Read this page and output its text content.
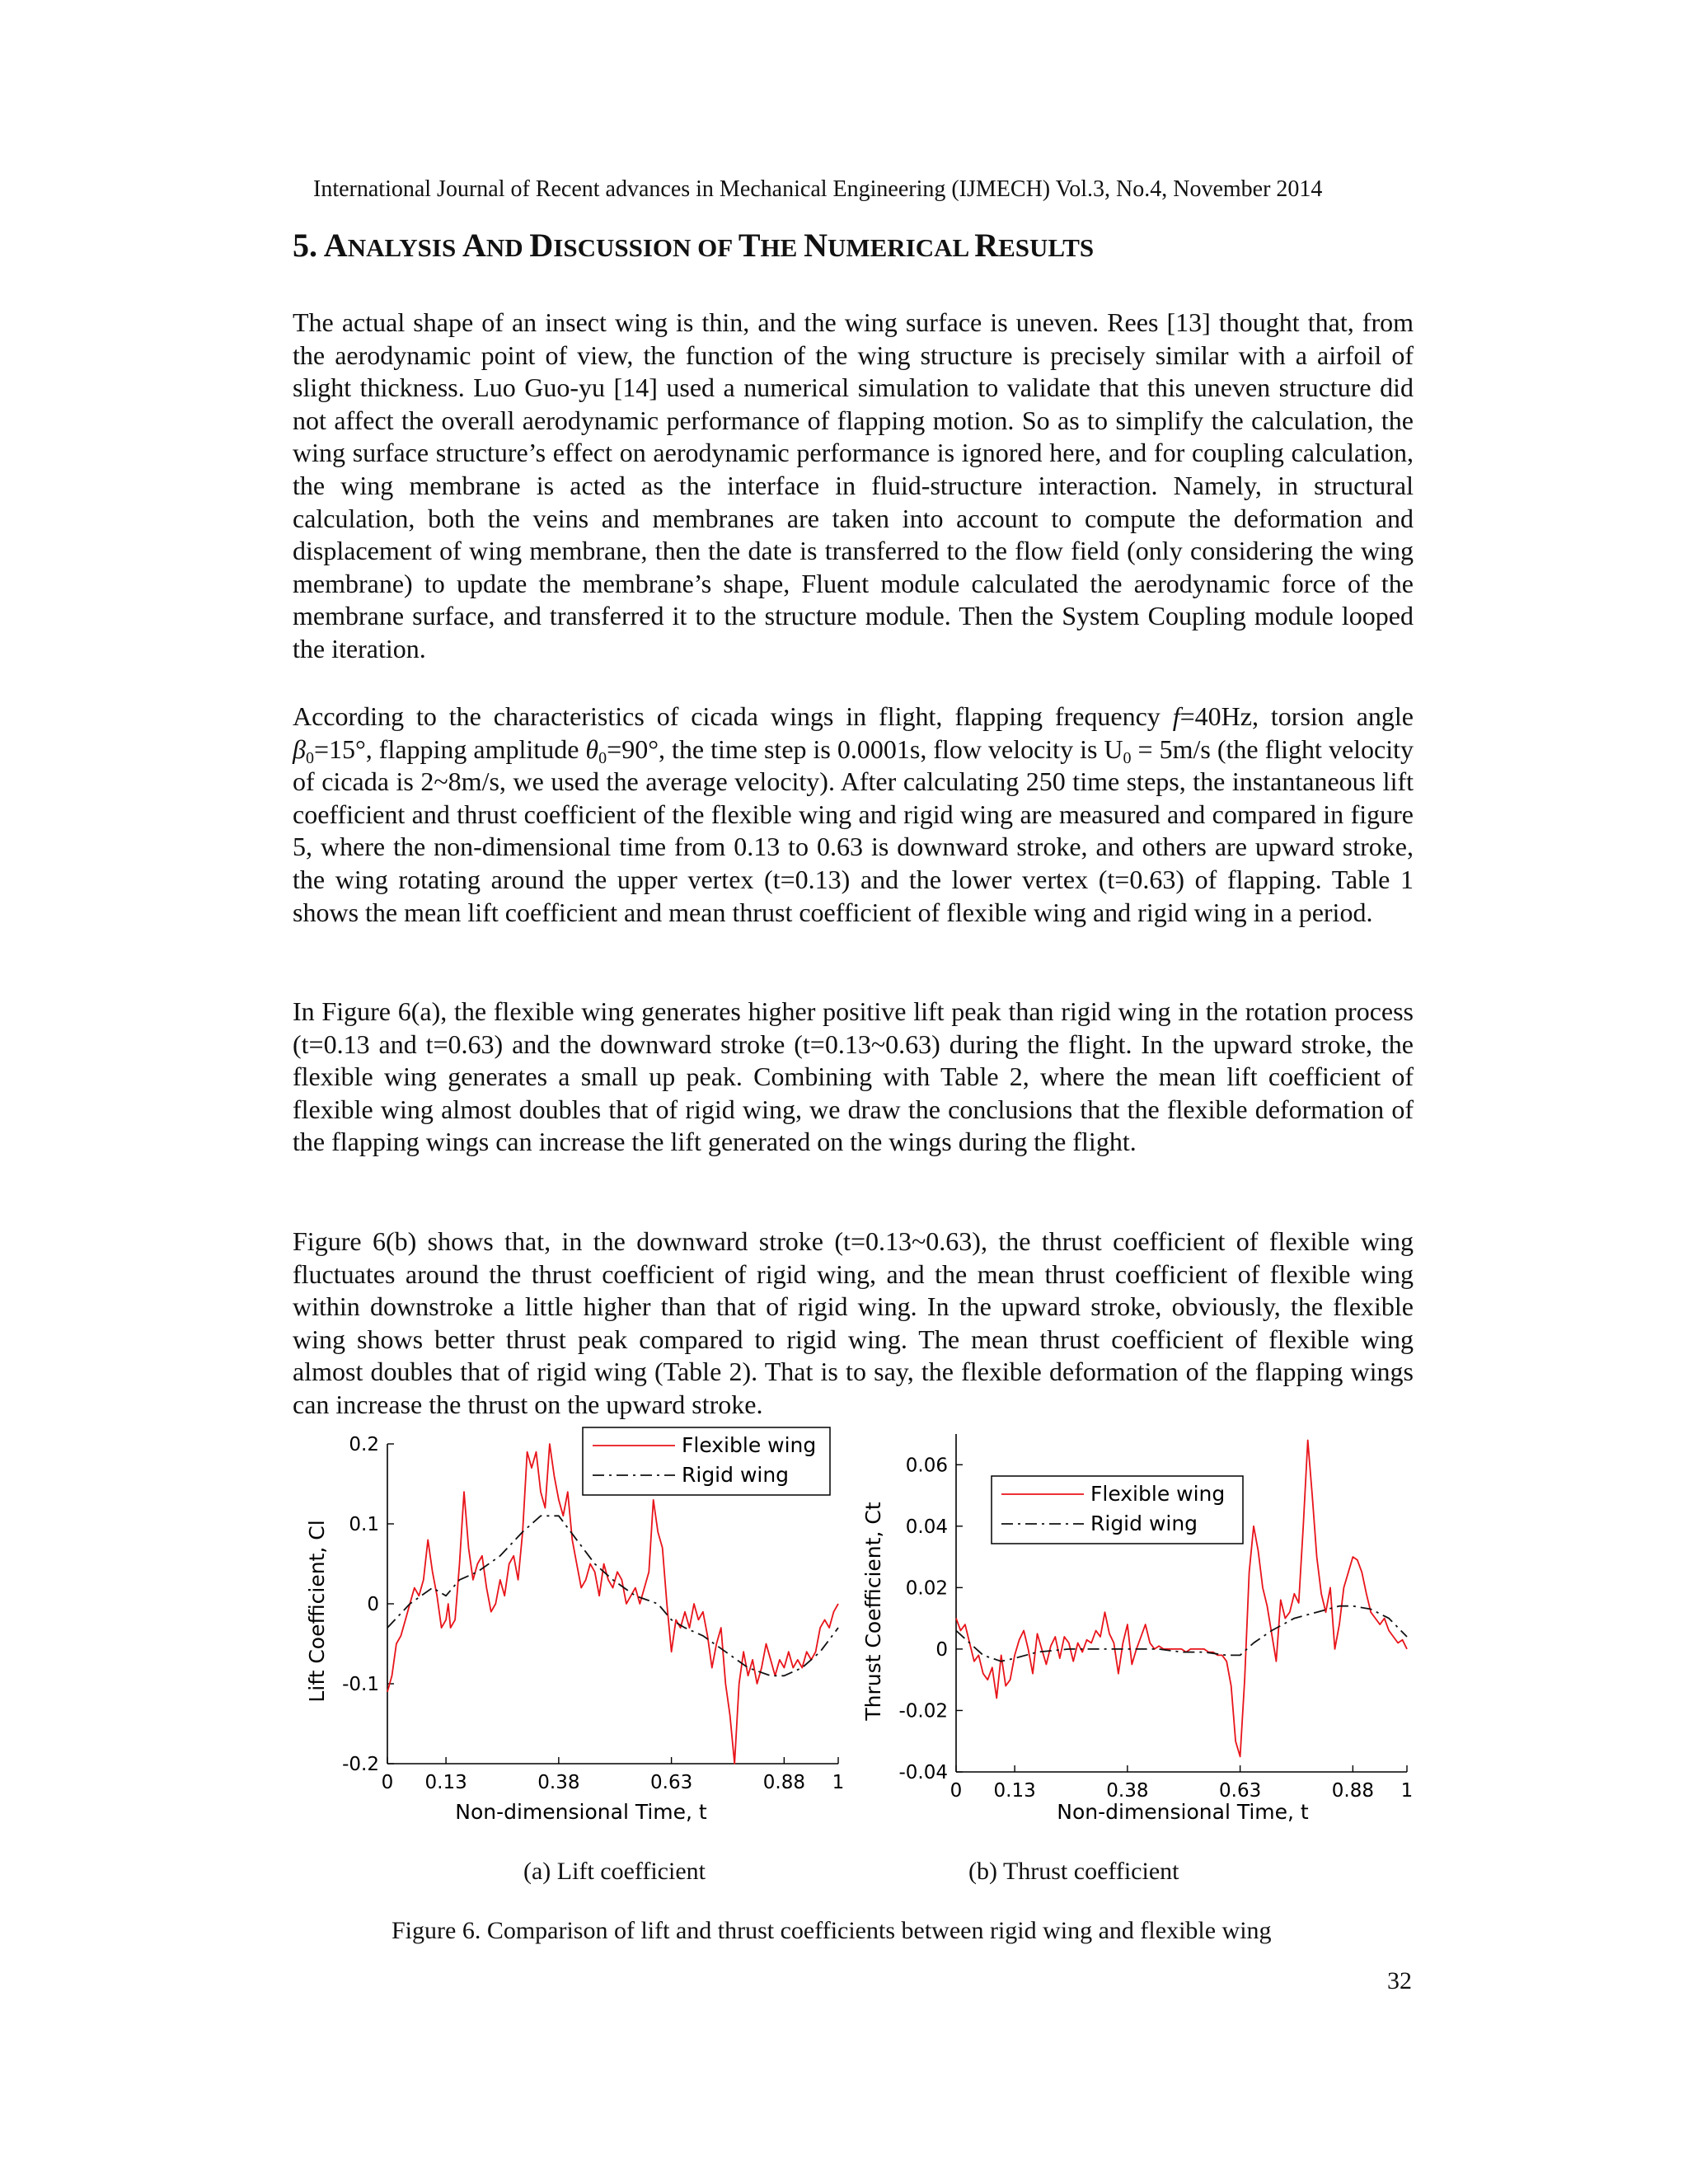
International Journal of Recent advances in Mechanical Engineering (IJMECH) Vol.3, No.4, November 2014
5. ANALYSIS AND DISCUSSION OF THE NUMERICAL RESULTS
The actual shape of an insect wing is thin, and the wing surface is uneven. Rees [13] thought that, from the aerodynamic point of view, the function of the wing structure is precisely similar with a airfoil of slight thickness. Luo Guo-yu [14] used a numerical simulation to validate that this uneven structure did not affect the overall aerodynamic performance of flapping motion. So as to simplify the calculation, the wing surface structure’s effect on aerodynamic performance is ignored here, and for coupling calculation, the wing membrane is acted as the interface in fluid-structure interaction. Namely, in structural calculation, both the veins and membranes are taken into account to compute the deformation and displacement of wing membrane, then the date is transferred to the flow field (only considering the wing membrane) to update the membrane’s shape, Fluent module calculated the aerodynamic force of the membrane surface, and transferred it to the structure module. Then the System Coupling module looped the iteration.
According to the characteristics of cicada wings in flight, flapping frequency f=40Hz, torsion angle $\beta_0=15^\circ$, flapping amplitude $\theta_0=90^\circ$, the time step is 0.0001s, flow velocity is $U_0 = 5m/s$ (the flight velocity of cicada is 2~8m/s, we used the average velocity). After calculating 250 time steps, the instantaneous lift coefficient and thrust coefficient of the flexible wing and rigid wing are measured and compared in figure 5, where the non-dimensional time from 0.13 to 0.63 is downward stroke, and others are upward stroke, the wing rotating around the upper vertex (t=0.13) and the lower vertex (t=0.63) of flapping. Table 1 shows the mean lift coefficient and mean thrust coefficient of flexible wing and rigid wing in a period.
In Figure 6(a), the flexible wing generates higher positive lift peak than rigid wing in the rotation process (t=0.13 and t=0.63) and the downward stroke (t=0.13~0.63) during the flight. In the upward stroke, the flexible wing generates a small up peak. Combining with Table 2, where the mean lift coefficient of flexible wing almost doubles that of rigid wing, we draw the conclusions that the flexible deformation of the flapping wings can increase the lift generated on the wings during the flight.
Figure 6(b) shows that, in the downward stroke (t=0.13~0.63), the thrust coefficient of flexible wing fluctuates around the thrust coefficient of rigid wing, and the mean thrust coefficient of flexible wing within downstroke a little higher than that of rigid wing. In the upward stroke, obviously, the flexible wing shows better thrust peak compared to rigid wing. The mean thrust coefficient of flexible wing almost doubles that of rigid wing (Table 2). That is to say, the flexible deformation of the flapping wings can increase the thrust on the upward stroke.
Lift Coefficient, Cl
-0.2
-0.1
0
0.1
0.2
0 0.13	0.38	0.63	0.88 1
Flexible wing
Rigid wing
Non-dimensional Time, t
Thrust Coefficient, Ct
-0.04
-0.02
0
0.02
0.04
0.06
0 0.13	0.38	0.63	0.88 1
Flexible wing
Rigid wing
Non-dimensional Time, t
(a) Lift coefficient	(b) Thrust coefficient
Figure 6. Comparison of lift and thrust coefficients between rigid wing and flexible wing
32
